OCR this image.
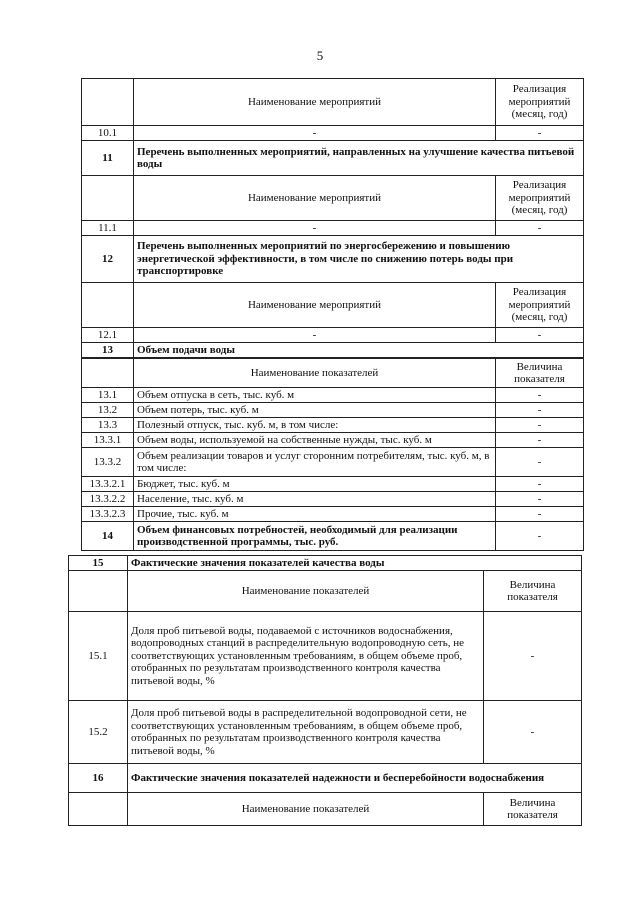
5
	Наименование мероприятий	Реализация мероприятий (месяц, год)
10.1	-	-
11	Перечень выполненных мероприятий, направленных на улучшение качества питьевой воды	
	Наименование мероприятий	Реализация мероприятий (месяц, год)
11.1	-	-
12	Перечень выполненных мероприятий по энергосбережению и повышению энергетической эффективности, в том числе по снижению потерь воды при транспортировке	
	Наименование мероприятий	Реализация мероприятий (месяц, год)
12.1	-	-
13	Объем подачи воды	
	Наименование показателей	Величина показателя
13.1	Объем отпуска в сеть, тыс. куб. м	-
13.2	Объем потерь, тыс. куб. м	-
13.3	Полезный отпуск, тыс. куб. м, в том числе:	-
13.3.1	Объем воды, используемой на собственные нужды, тыс. куб. м	-
13.3.2	Объем реализации товаров и услуг сторонним потребителям, тыс. куб. м, в том числе:	-
13.3.2.1	Бюджет, тыс. куб. м	-
13.3.2.2	Население, тыс. куб. м	-
13.3.2.3	Прочие, тыс. куб. м	-
14	Объем финансовых потребностей, необходимый для реализации производственной программы, тыс. руб.	-
15	Фактические значения показателей качества воды	
	Наименование показателей	Величина показателя
15.1	Доля проб питьевой воды, подаваемой с источников водоснабжения, водопроводных станций в распределительную водопроводную сеть, не соответствующих установленным требованиям, в общем объеме проб, отобранных по результатам производственного контроля качества питьевой воды, %	-
15.2	Доля проб питьевой воды в распределительной водопроводной сети, не соответствующих установленным требованиям, в общем объеме проб, отобранных по результатам производственного контроля качества питьевой воды, %	-
16	Фактические значения показателей надежности и бесперебойности водоснабжения	
	Наименование показателей	Величина показателя
